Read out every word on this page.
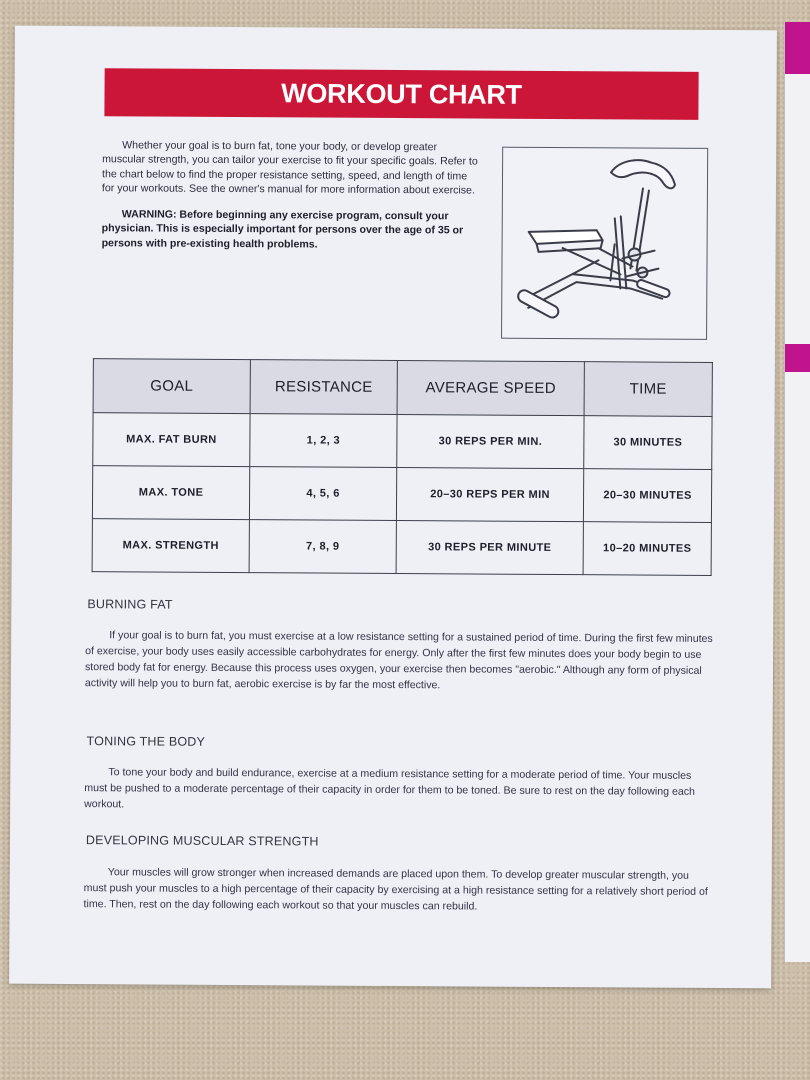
WORKOUT CHART

Whether your goal is to burn fat, tone your body, or develop greater muscular strength, you can tailor your exercise to fit your specific goals. Refer to the chart below to find the proper resistance setting, speed, and length of time for your workouts. See the owner's manual for more information about exercise.

WARNING: Before beginning any exercise program, consult your physician. This is especially important for persons over the age of 35 or persons with pre-existing health problems.

GOAL	RESISTANCE	AVERAGE SPEED	TIME
MAX. FAT BURN	1, 2, 3	30 REPS PER MIN.	30 MINUTES
MAX. TONE	4, 5, 6	20–30 REPS PER MIN	20–30 MINUTES
MAX. STRENGTH	7, 8, 9	30 REPS PER MINUTE	10–20 MINUTES
BURNING FAT

If your goal is to burn fat, you must exercise at a low resistance setting for a sustained period of time. During the first few minutes of exercise, your body uses easily accessible carbohydrates for energy. Only after the first few minutes does your body begin to use stored body fat for energy. Because this process uses oxygen, your exercise then becomes "aerobic." Although any form of physical activity will help you to burn fat, aerobic exercise is by far the most effective.

TONING THE BODY

To tone your body and build endurance, exercise at a medium resistance setting for a moderate period of time. Your muscles must be pushed to a moderate percentage of their capacity in order for them to be toned. Be sure to rest on the day following each workout.

DEVELOPING MUSCULAR STRENGTH

Your muscles will grow stronger when increased demands are placed upon them. To develop greater muscular strength, you must push your muscles to a high percentage of their capacity by exercising at a high resistance setting for a relatively short period of time. Then, rest on the day following each workout so that your muscles can rebuild.
